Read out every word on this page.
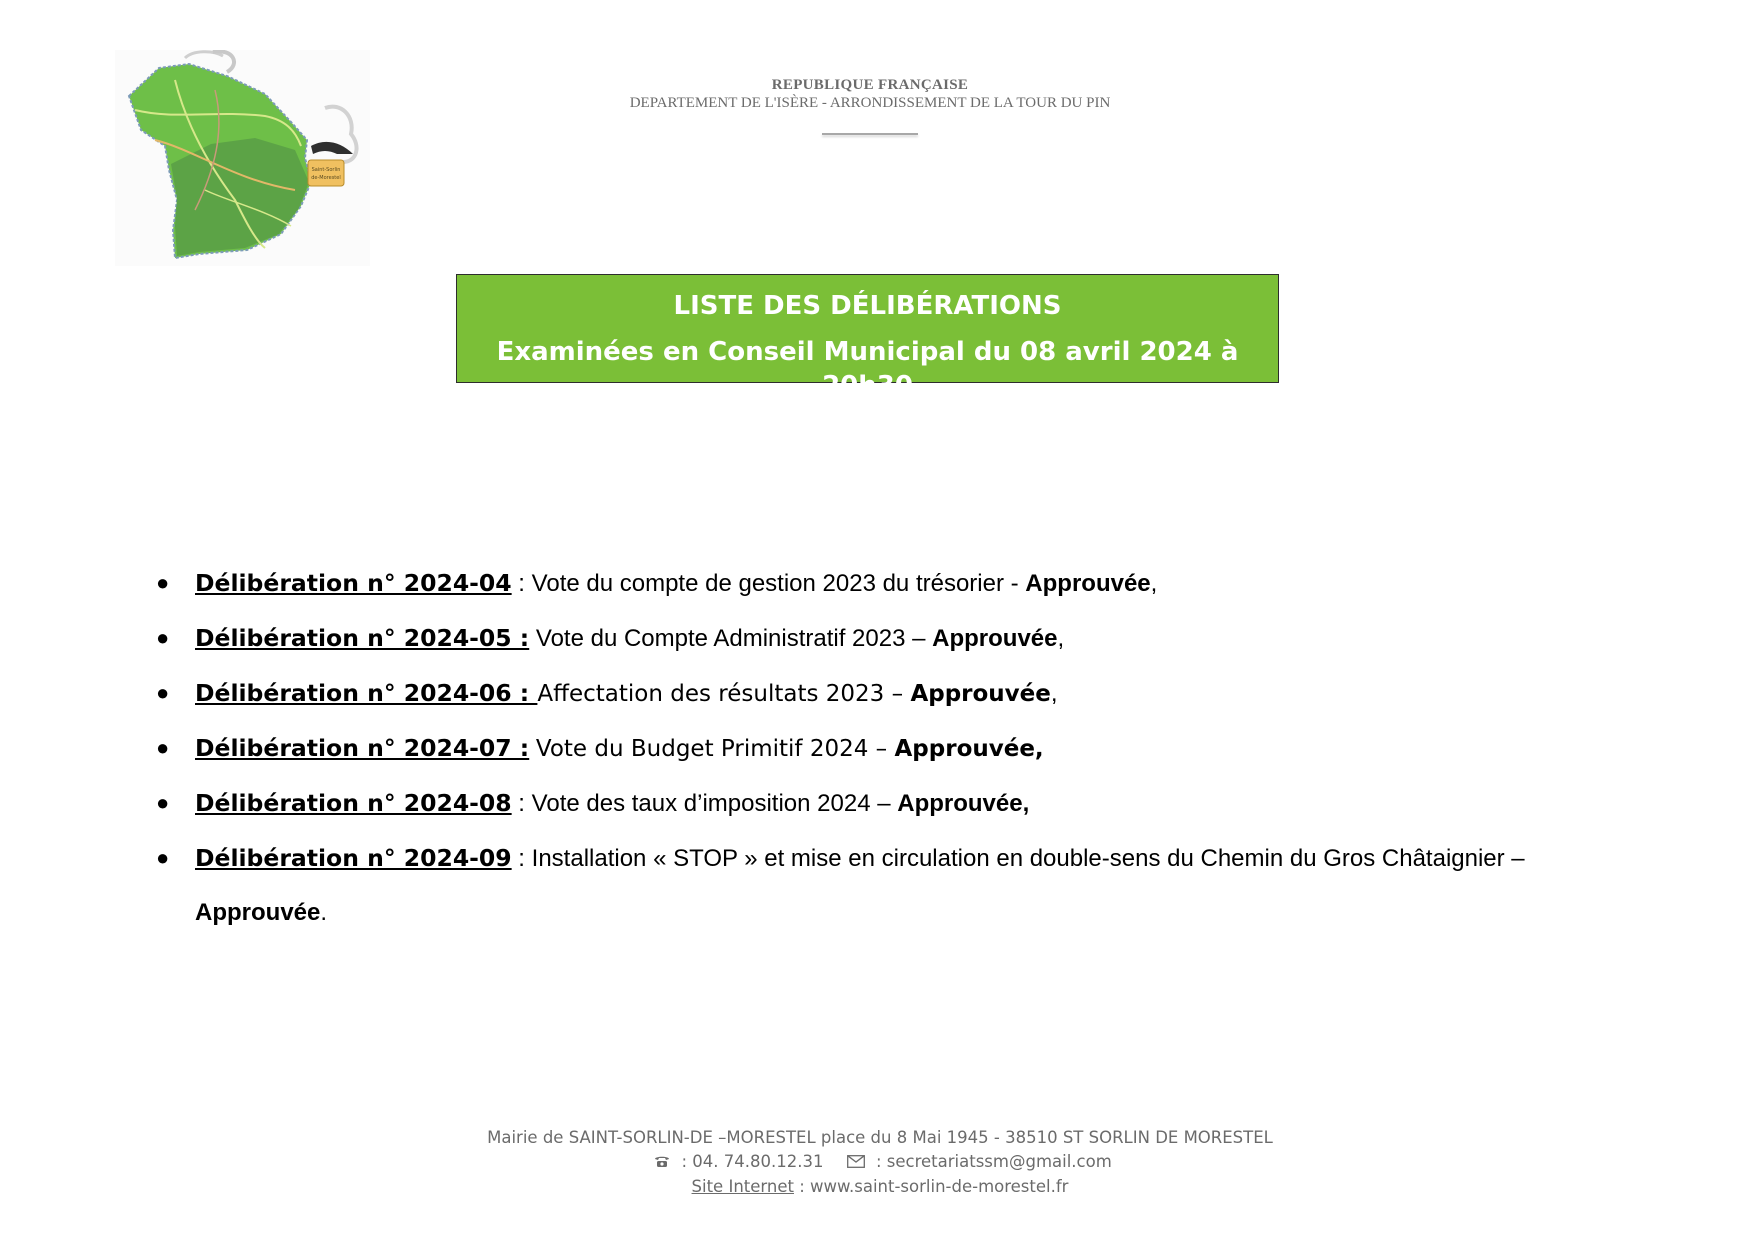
Saint-Sorlin
de-Morestel
REPUBLIQUE FRANÇAISE
DEPARTEMENT DE L'ISÈRE - ARRONDISSEMENT DE LA TOUR DU PIN
LISTE DES DÉLIBÉRATIONS
Examinées en Conseil Municipal du 08 avril 2024 à 20h30
● Délibération n° 2024-04 : Vote du compte de gestion 2023 du trésorier - Approuvée,
● Délibération n° 2024-05 : Vote du Compte Administratif 2023 – Approuvée,
● Délibération n° 2024-06 : Affectation des résultats 2023 – Approuvée,
● Délibération n° 2024-07 : Vote du Budget Primitif 2024 – Approuvée,
● Délibération n° 2024-08 : Vote des taux d’imposition 2024 – Approuvée,
● Délibération n° 2024-09 : Installation « STOP » et mise en circulation en double-sens du Chemin du Gros Châtaignier – Approuvée.
Mairie de SAINT-SORLIN-DE –MORESTEL place du 8 Mai 1945 - 38510 ST SORLIN DE MORESTEL
: 04. 74.80.12.31	: secretariatssm@gmail.com
Site Internet : www.saint-sorlin-de-morestel.fr
